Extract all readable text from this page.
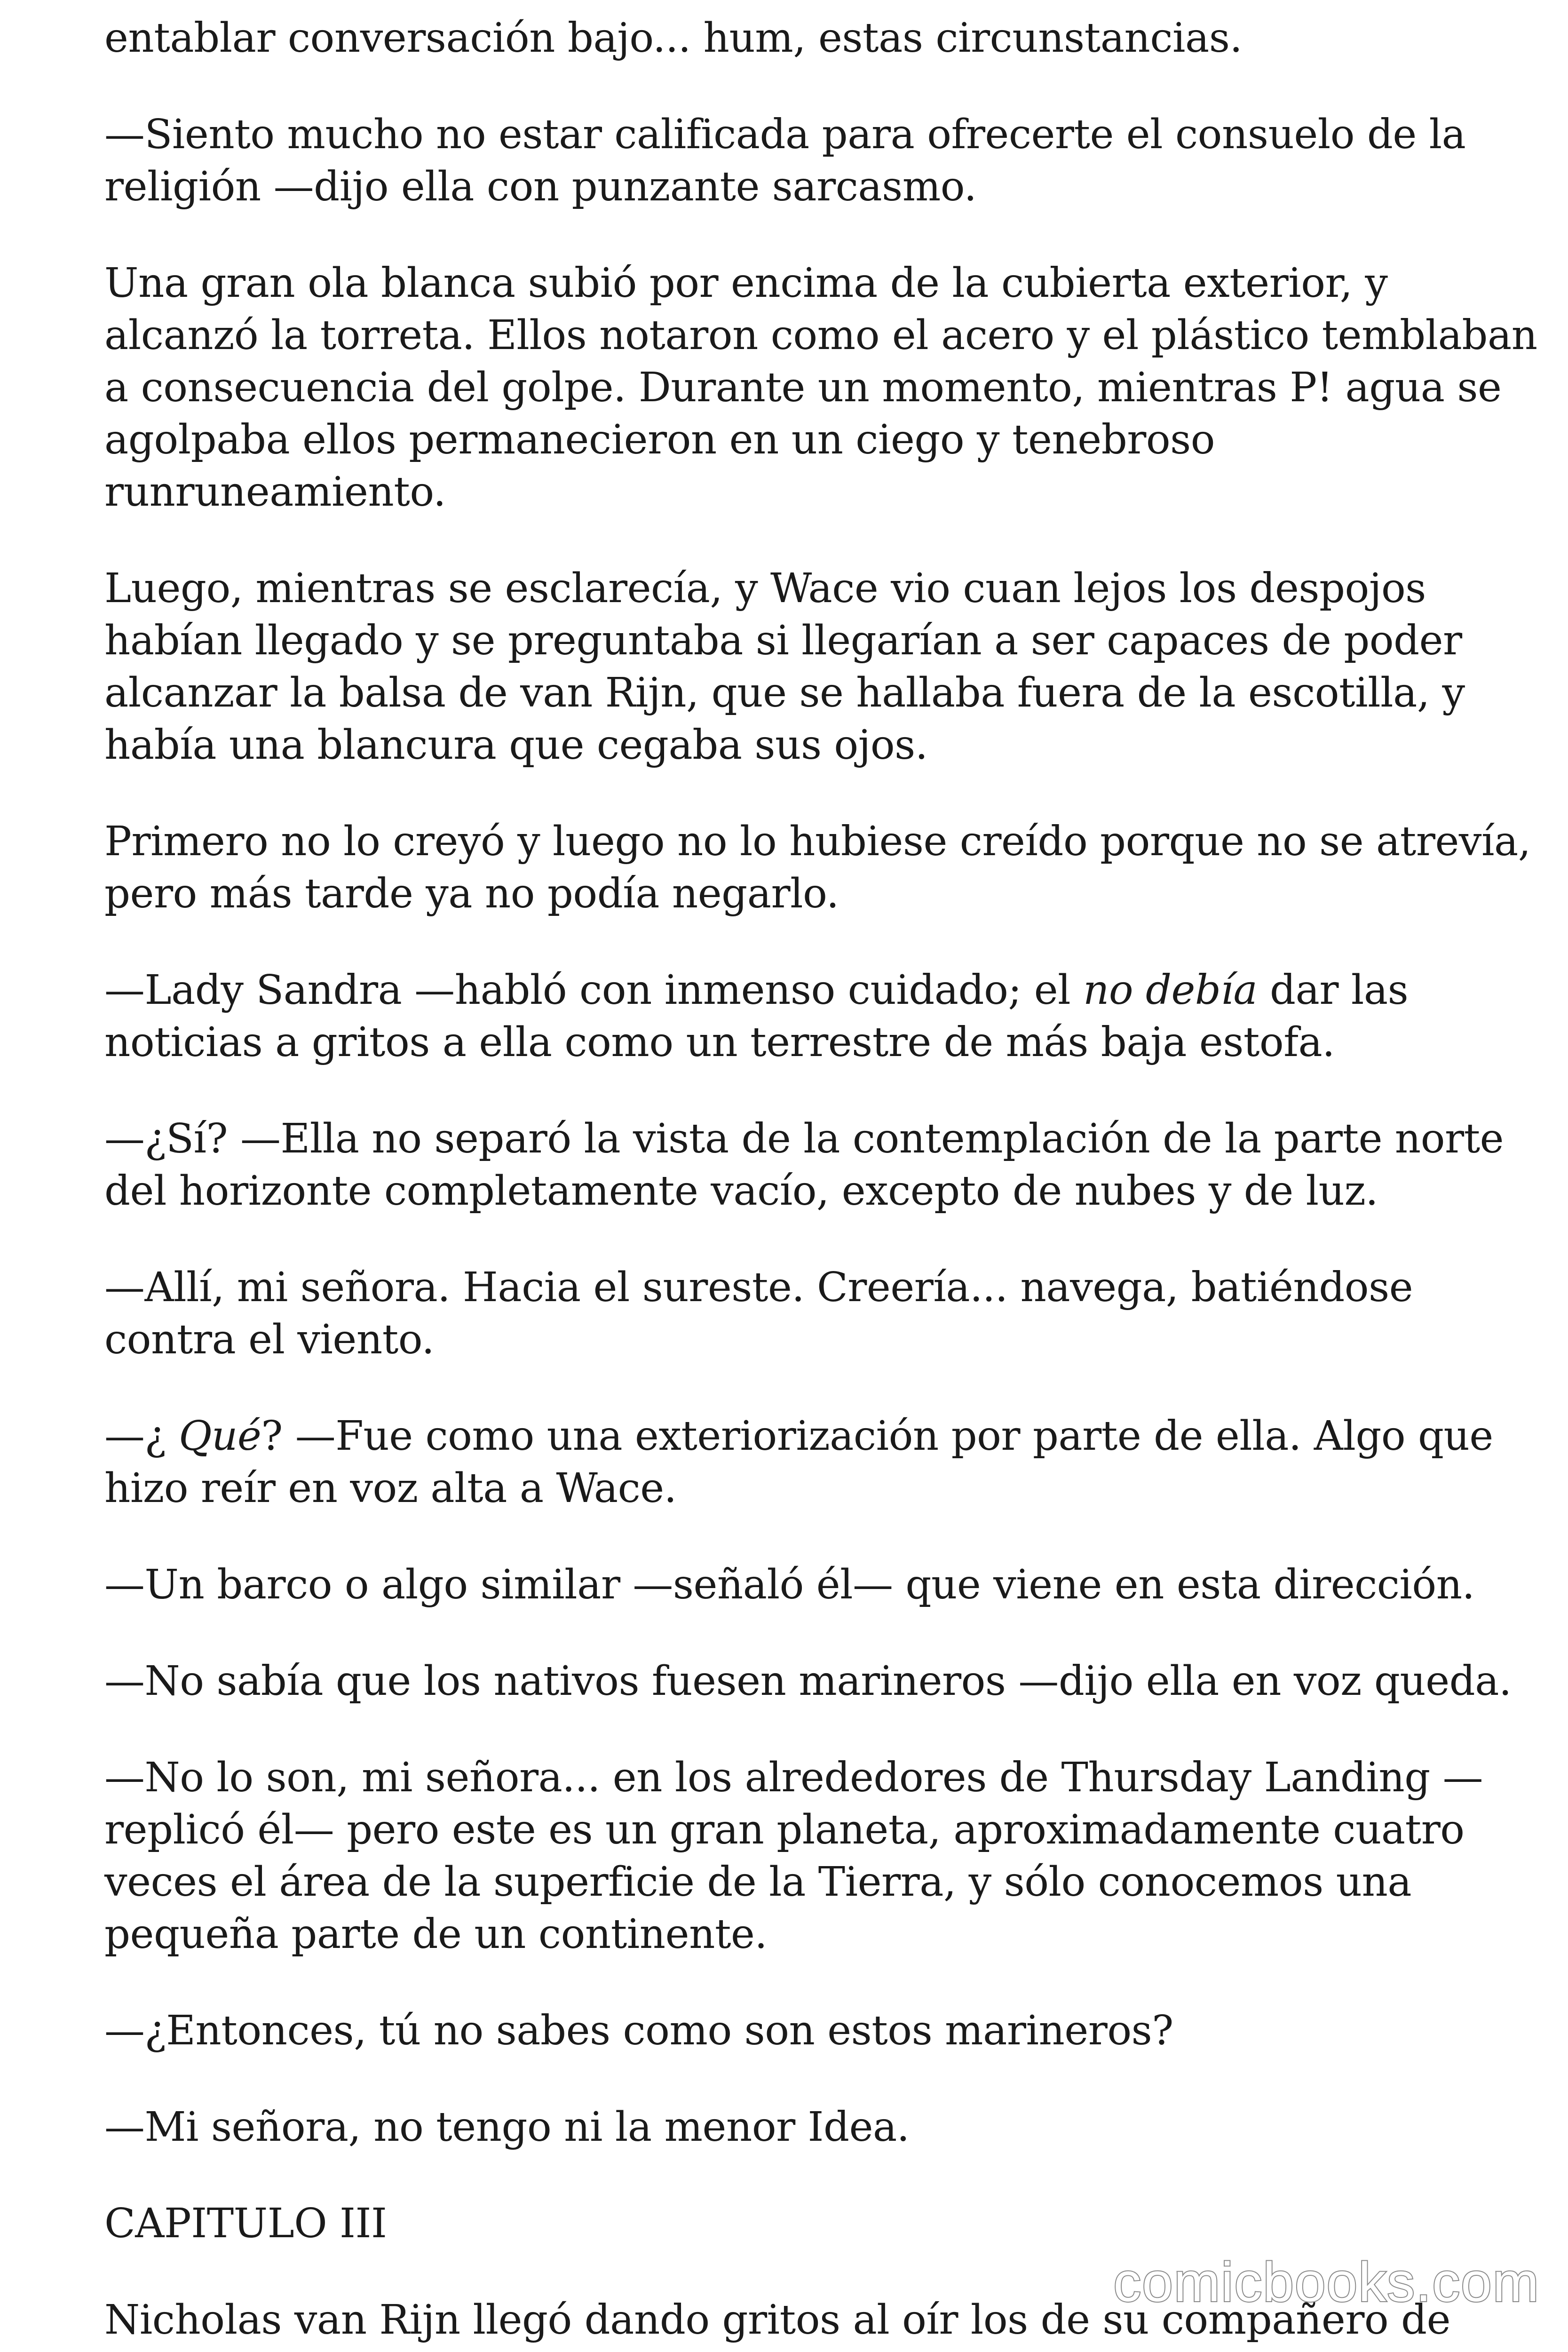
entablar conversación bajo... hum, estas circunstancias.

—Siento mucho no estar calificada para ofrecerte el consuelo de la
religión —dijo ella con punzante sarcasmo.

Una gran ola blanca subió por encima de la cubierta exterior, y
alcanzó la torreta. Ellos notaron como el acero y el plástico temblaban
a consecuencia del golpe. Durante un momento, mientras P! agua se
agolpaba ellos permanecieron en un ciego y tenebroso
runruneamiento.

Luego, mientras se esclarecía, y Wace vio cuan lejos los despojos
habían llegado y se preguntaba si llegarían a ser capaces de poder
alcanzar la balsa de van Rijn, que se hallaba fuera de la escotilla, y
había una blancura que cegaba sus ojos.

Primero no lo creyó y luego no lo hubiese creído porque no se atrevía,
pero más tarde ya no podía negarlo.

—Lady Sandra —habló con inmenso cuidado; el no debía dar las
noticias a gritos a ella como un terrestre de más baja estofa.

—¿Sí? —Ella no separó la vista de la contemplación de la parte norte
del horizonte completamente vacío, excepto de nubes y de luz.

—Allí, mi señora. Hacia el sureste. Creería... navega, batiéndose
contra el viento.

—¿ Qué? —Fue como una exteriorización por parte de ella. Algo que
hizo reír en voz alta a Wace.

—Un barco o algo similar —señaló él— que viene en esta dirección.

—No sabía que los nativos fuesen marineros —dijo ella en voz queda.

—No lo son, mi señora... en los alrededores de Thursday Landing —
replicó él— pero este es un gran planeta, aproximadamente cuatro
veces el área de la superficie de la Tierra, y sólo conocemos una
pequeña parte de un continente.

—¿Entonces, tú no sabes como son estos marineros?

—Mi señora, no tengo ni la menor Idea.

CAPITULO III

Nicholas van Rijn llegó dando gritos al oír los de su compañero de

comicbooks.com
